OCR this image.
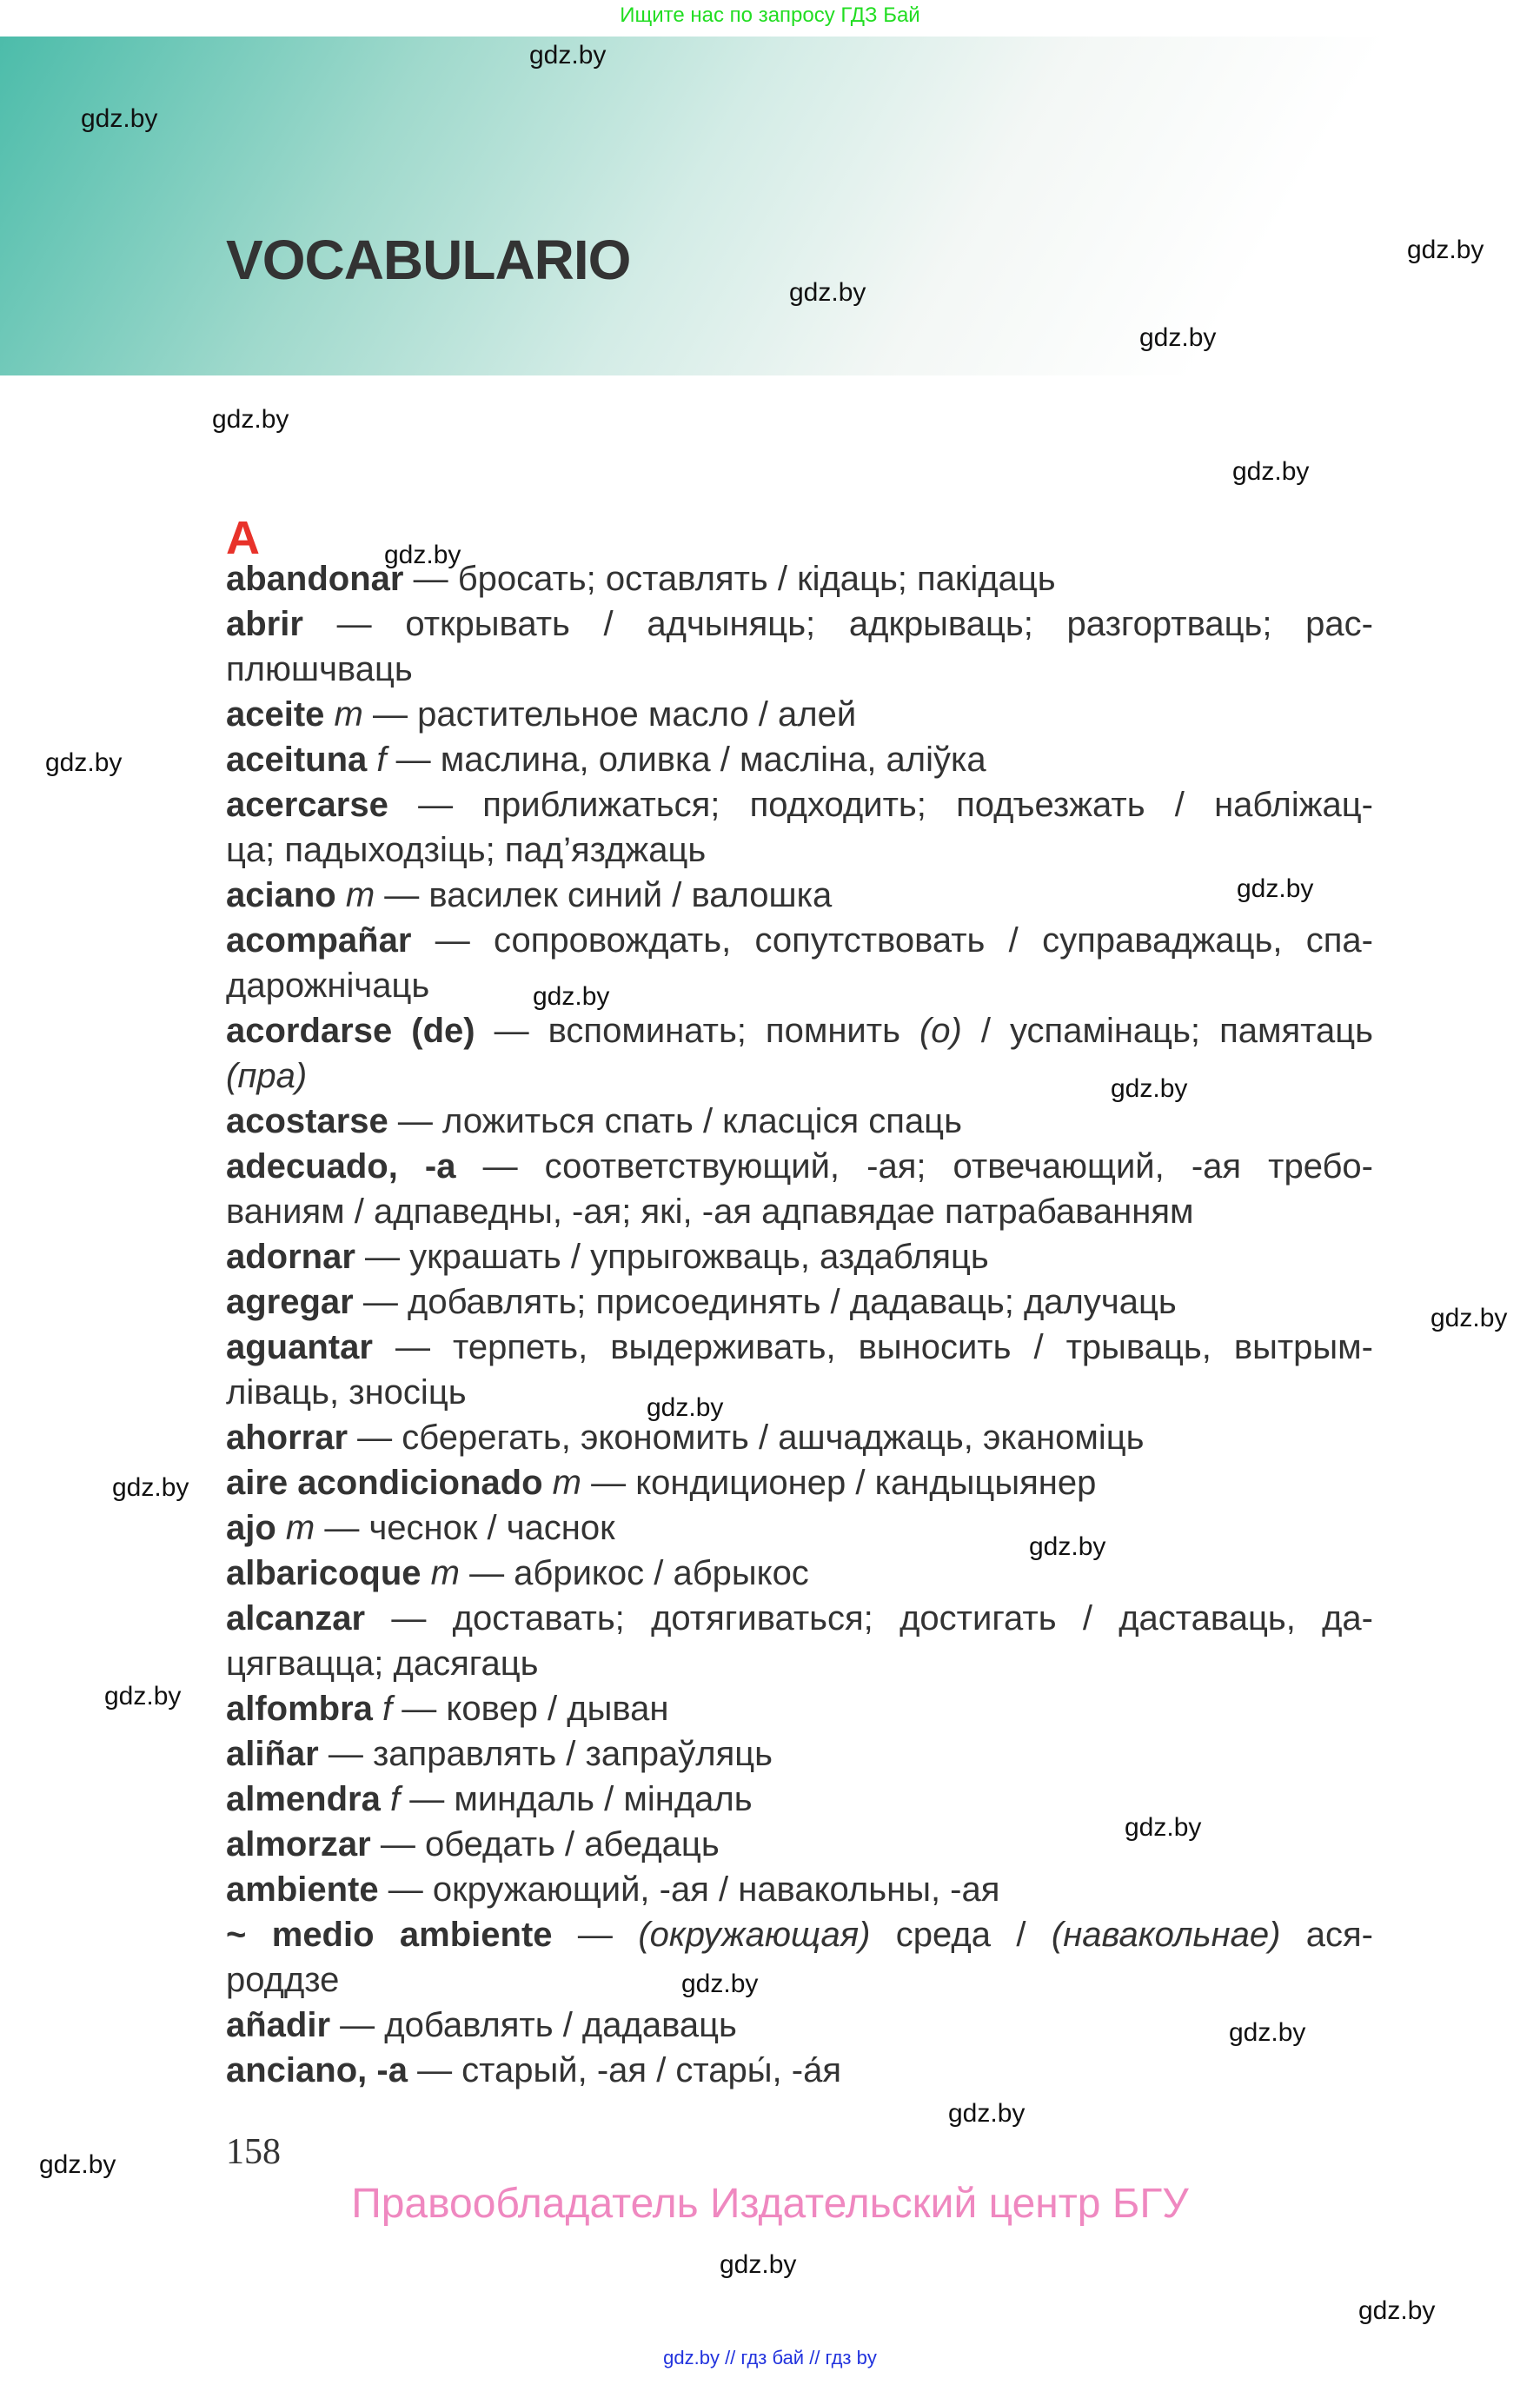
Ищите нас по запросу ГДЗ Бай
VOCABULARIO
A
abandonar — бросать; оставлять / кідаць; пакідаць
abrir — открывать / адчыняць; адкрываць; разгортваць; рас-
плюшчваць
aceite m — растительное масло / алей
aceituna f — маслина, оливка / масліна, аліўка
acercarse — приближаться; подходить; подъезжать / набліжац-
ца; падыходзіць; пад’язджаць
aciano m — василек синий / валошка
acompañar — сопровождать, сопутствовать / суправаджаць, спа-
дарожнічаць
acordarse (de) — вспоминать; помнить (о) / успамінаць; памятаць
(пра)
acostarse — ложиться спать / класціся спаць
adecuado, -a — соответствующий, -ая; отвечающий, -ая требо-
ваниям / адпаведны, -ая; які, -ая адпавядае патрабаванням
adornar — украшать / упрыгожваць, аздабляць
agregar — добавлять; присоединять / дадаваць; далучаць
aguantar — терпеть, выдерживать, выносить / трываць, вытрым-
ліваць, зносіць
ahorrar — сберегать, экономить / ашчаджаць, эканоміць
aire acondicionado m — кондиционер / кандыцыянер
ajo m — чеснок / часнок
albaricoque m — абрикос / абрыкос
alcanzar — доставать; дотягиваться; достигать / даставаць, да-
цягвацца; дасягаць
alfombra f — ковер / дыван
aliñar — заправлять / запраўляць
almendra f — миндаль / міндаль
almorzar — обедать / абедаць
ambiente — окружающий, -ая / навакольны, -ая
~ medio ambiente — (окружающая) среда / (навакольнае) ася-
роддзе
añadir — добавлять / дадаваць
anciano, -a — старый, -ая / стары́, -а́я
158
Правообладатель Издательский центр БГУ
gdz.by // гдз бай // гдз by
gdz.by
gdz.by
gdz.by
gdz.by
gdz.by
gdz.by
gdz.by
gdz.by
gdz.by
gdz.by
gdz.by
gdz.by
gdz.by
gdz.by
gdz.by
gdz.by
gdz.by
gdz.by
gdz.by
gdz.by
gdz.by
gdz.by
gdz.by
gdz.by
